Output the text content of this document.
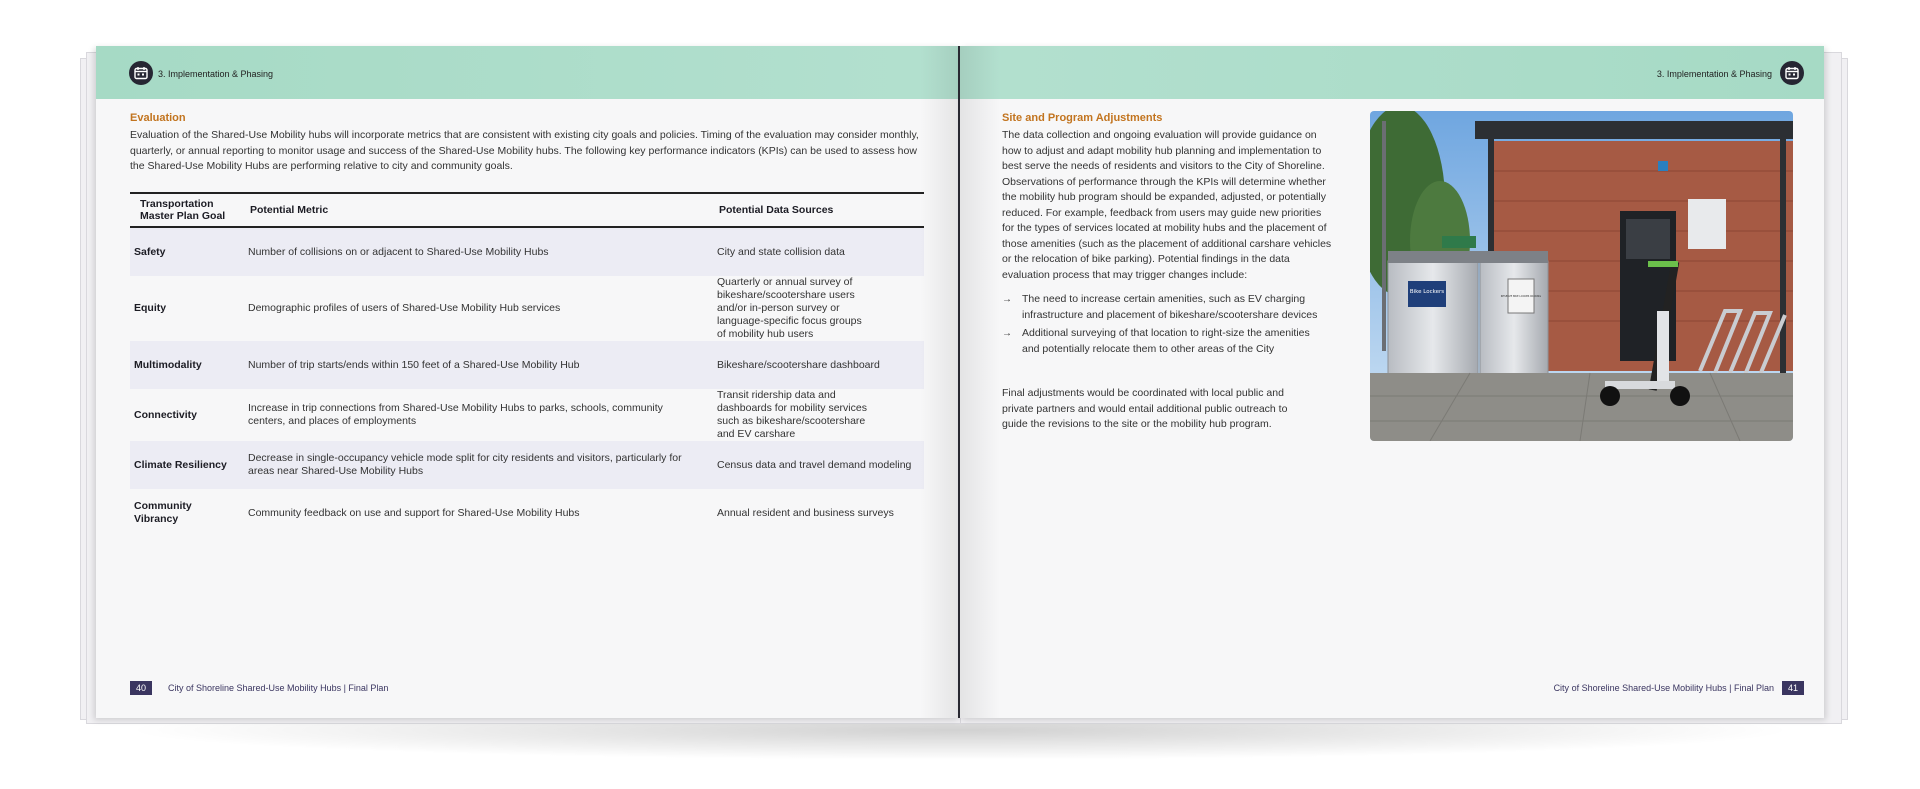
3. Implementation & Phasing
Evaluation
Evaluation of the Shared-Use Mobility hubs will incorporate metrics that are consistent with existing city goals and policies. Timing of the evaluation may consider monthly, quarterly, or annual reporting to monitor usage and success of the Shared-Use Mobility hubs. The following key performance indicators (KPIs) can be used to assess how the Shared-Use Mobility Hubs are performing relative to city and community goals.
Transportation Master Plan Goal	Potential Metric	Potential Data Sources
Safety	Number of collisions on or adjacent to Shared-Use Mobility Hubs	City and state collision data
Equity	Demographic profiles of users of Shared-Use Mobility Hub services	Quarterly or annual survey of bikeshare/scootershare users and/or in-person survey or language-specific focus groups of mobility hub users
Multimodality	Number of trip starts/ends within 150 feet of a Shared-Use Mobility Hub	Bikeshare/scootershare dashboard
Connectivity	Increase in trip connections from Shared-Use Mobility Hubs to parks, schools, community centers, and places of employments	Transit ridership data and dashboards for mobility services such as bikeshare/scootershare and EV carshare
Climate Resiliency	Decrease in single-occupancy vehicle mode split for city residents and visitors, particularly for areas near Shared-Use Mobility Hubs	Census data and travel demand modeling
Community Vibrancy	Community feedback on use and support for Shared-Use Mobility Hubs	Annual resident and business surveys
40	City of Shoreline Shared-Use Mobility Hubs | Final Plan
3. Implementation & Phasing
Site and Program Adjustments
The data collection and ongoing evaluation will provide guidance on how to adjust and adapt mobility hub planning and implementation to best serve the needs of residents and visitors to the City of Shoreline. Observations of performance through the KPIs will determine whether the mobility hub program should be expanded, adjusted, or potentially reduced. For example, feedback from users may guide new priorities for the types of services located at mobility hubs and the placement of those amenities (such as the placement of additional carshare vehicles or the relocation of bike parking). Potential findings in the data evaluation process that may trigger changes include:
→ The need to increase certain amenities, such as EV charging infrastructure and placement of bikeshare/scootershare devices
→ Additional surveying of that location to right-size the amenities and potentially relocate them to other areas of the City
Final adjustments would be coordinated with local public and private partners and would entail additional public outreach to guide the revisions to the site or the mobility hub program.
Bike Lockers
RESERVE BIKE LOCKER PARKING
City of Shoreline Shared-Use Mobility Hubs | Final Plan	41
